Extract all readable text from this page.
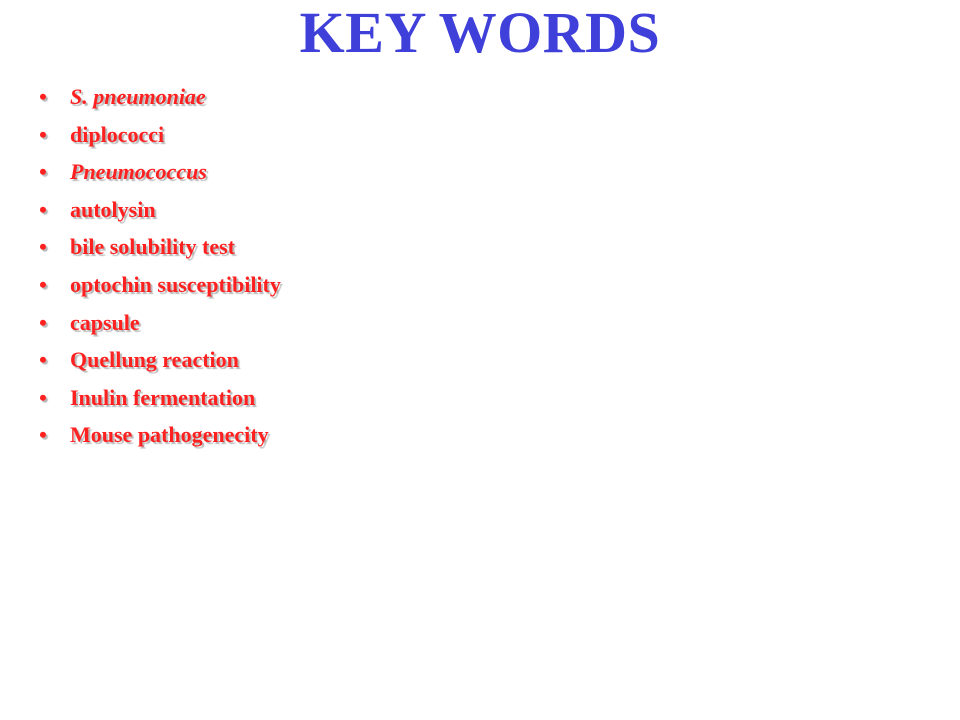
KEY WORDS
• S. pneumoniae
• diplococci
• Pneumococcus
• autolysin
• bile solubility test
• optochin susceptibility
• capsule
• Quellung reaction
• Inulin fermentation
• Mouse pathogenecity
